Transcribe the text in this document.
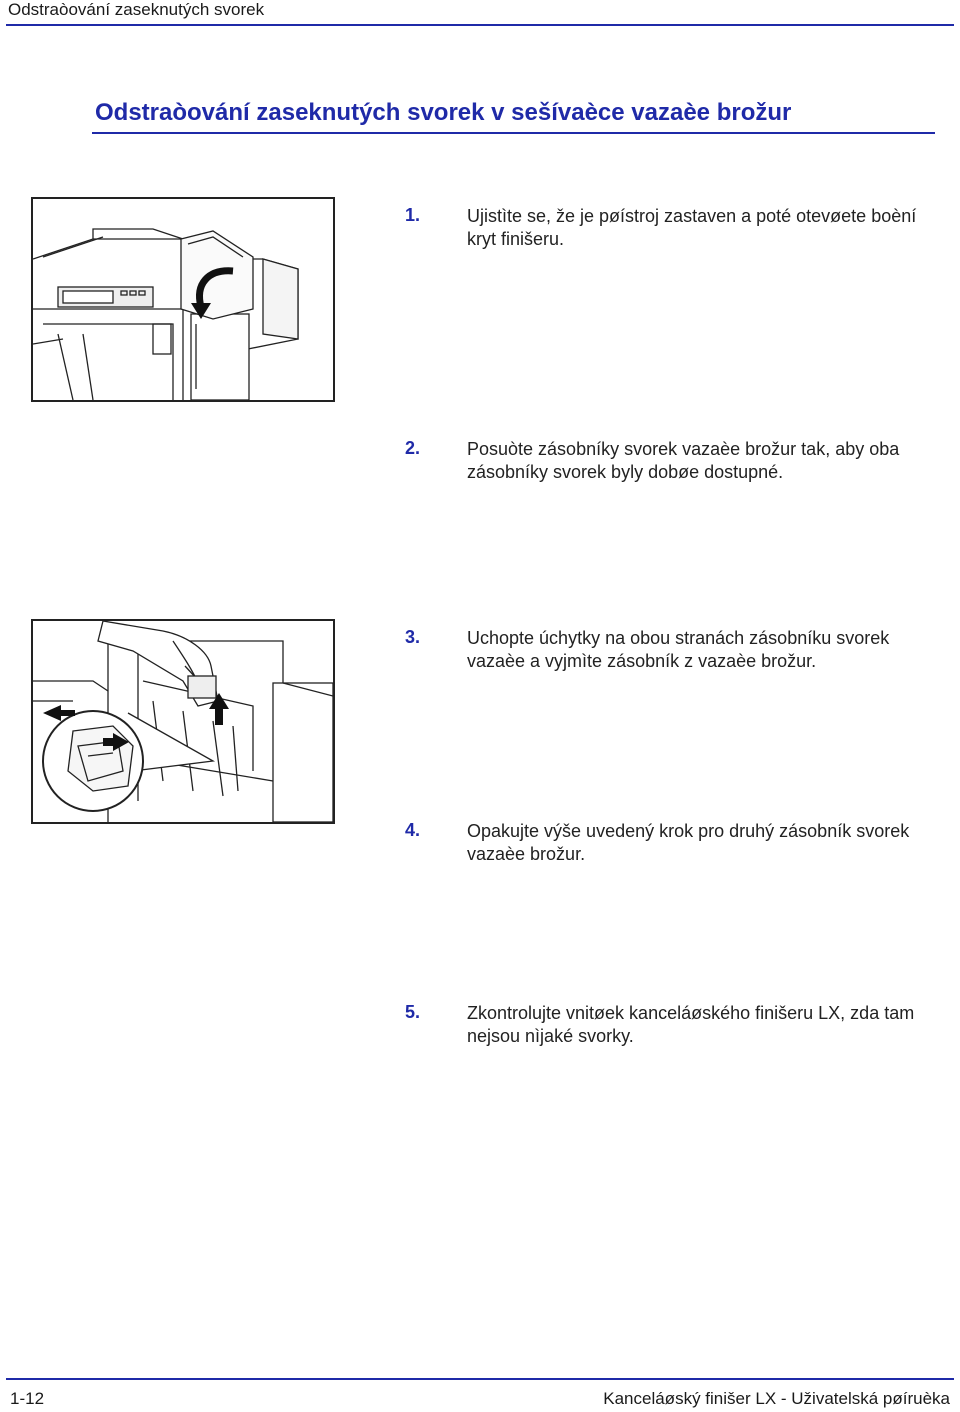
Odstraòování zaseknutých svorek
Odstraòování zaseknutých svorek v sešívaèce vazaèe brožur
1.	Ujistìte se, že je pøístroj zastaven a poté otevøete boèní kryt finišeru.
2.	Posuòte zásobníky svorek vazaèe brožur tak, aby oba zásobníky svorek byly dobøe dostupné.
3.	Uchopte úchytky na obou stranách zásobníku svorek vazaèe a vyjmìte zásobník z vazaèe brožur.
4.	Opakujte výše uvedený krok pro druhý zásobník svorek vazaèe brožur.
5.	Zkontrolujte vnitøek kanceláøského finišeru LX, zda tam nejsou nìjaké svorky.
1-12	Kanceláøský finišer LX - Uživatelská pøíruèka
